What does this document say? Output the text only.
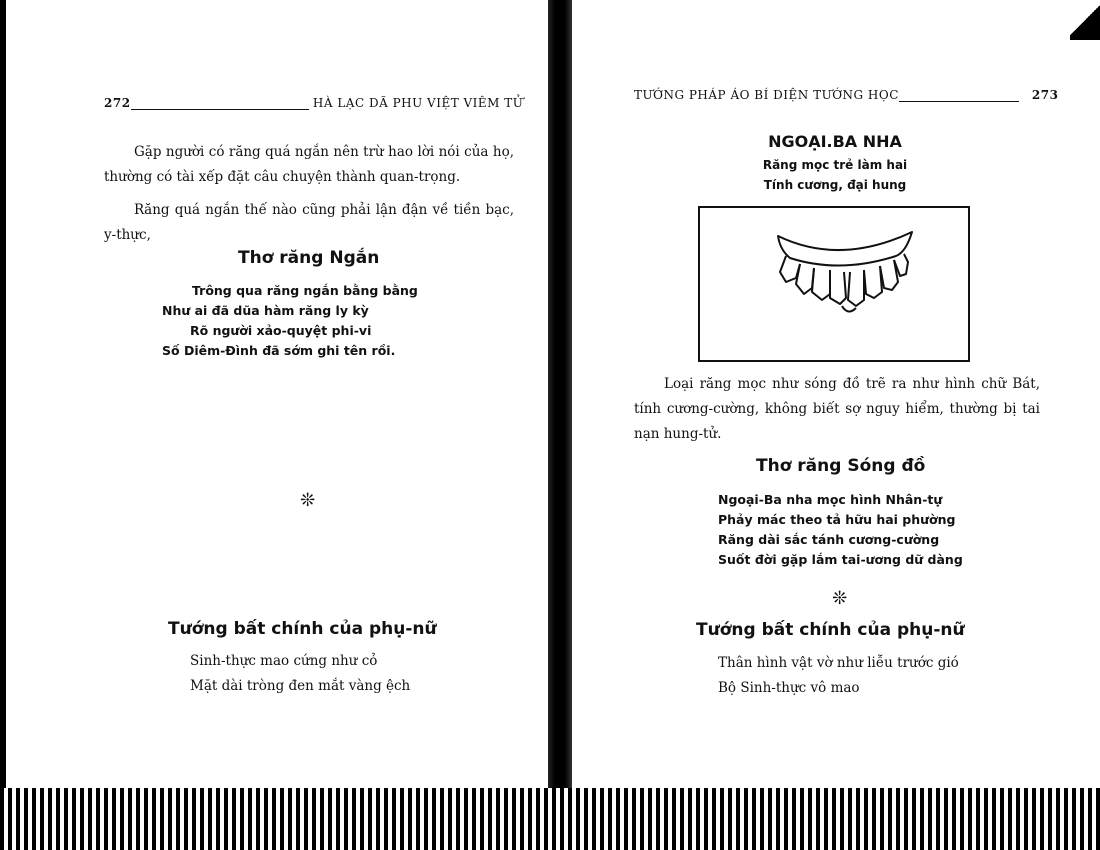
272	HÀ LẠC DÃ PHU VIỆT VIÊM TỬ

Gặp người có răng quá ngắn nên trừ hao lời nói của họ, thường có tài xếp đặt câu chuyện thành quan-trọng.

Răng quá ngắn thế nào cũng phải lận đận về tiền bạc, y-thực,

Thơ răng Ngắn
Trông qua răng ngắn bằng bằng
Như ai đã dũa hàm răng ly kỳ
Rõ người xảo-quyệt phi-vi
Số Diêm-Đình đã sớm ghi tên rồi.
❊
Tướng bất chính của phụ-nữ
Sinh-thực mao cứng như cỏ
Mặt dài tròng đen mắt vàng ệch
TƯỚNG PHÁP ÁO BÍ DIỆN TƯỚNG HỌC	273
NGOẠI.BA NHA
Răng mọc trẻ làm hai
Tính cương, đại hung

Loại răng mọc như sóng đồ trẽ ra như hình chữ Bát, tính cương-cường, không biết sợ nguy hiểm, thường bị tai nạn hung-tử.

Thơ răng Sóng đồ
Ngoại-Ba nha mọc hình Nhân-tự
Phảy mác theo tả hữu hai phường
Răng dài sắc tánh cương-cường
Suốt đời gặp lắm tai-ương dữ dàng
❊
Tướng bất chính của phụ-nữ
Thân hình vật vờ như liễu trước gió
Bộ Sinh-thực vô mao
